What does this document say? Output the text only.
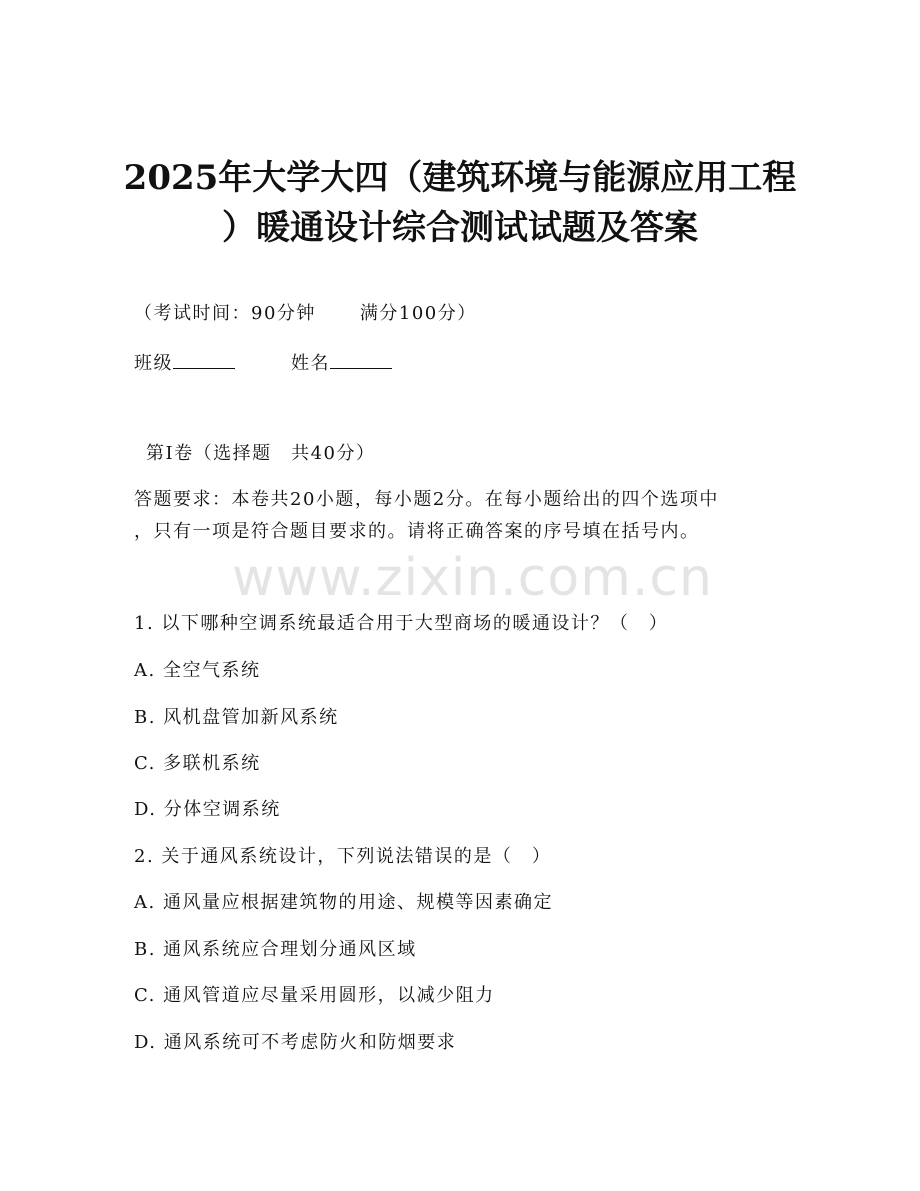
2025年大学大四（建筑环境与能源应用工程
）暖通设计综合测试试题及答案
（考试时间：90分钟 满分100分）
班级	姓名
第Ⅰ卷（选择题　共40分）
答题要求：本卷共20小题，每小题2分。在每小题给出的四个选项中
，只有一项是符合题目要求的。请将正确答案的序号填在括号内。
www.zixin.com.cn
1. 以下哪种空调系统最适合用于大型商场的暖通设计？（　）
A. 全空气系统
B. 风机盘管加新风系统
C. 多联机系统
D. 分体空调系统
2. 关于通风系统设计，下列说法错误的是（　）
A. 通风量应根据建筑物的用途、规模等因素确定
B. 通风系统应合理划分通风区域
C. 通风管道应尽量采用圆形，以减少阻力
D. 通风系统可不考虑防火和防烟要求
